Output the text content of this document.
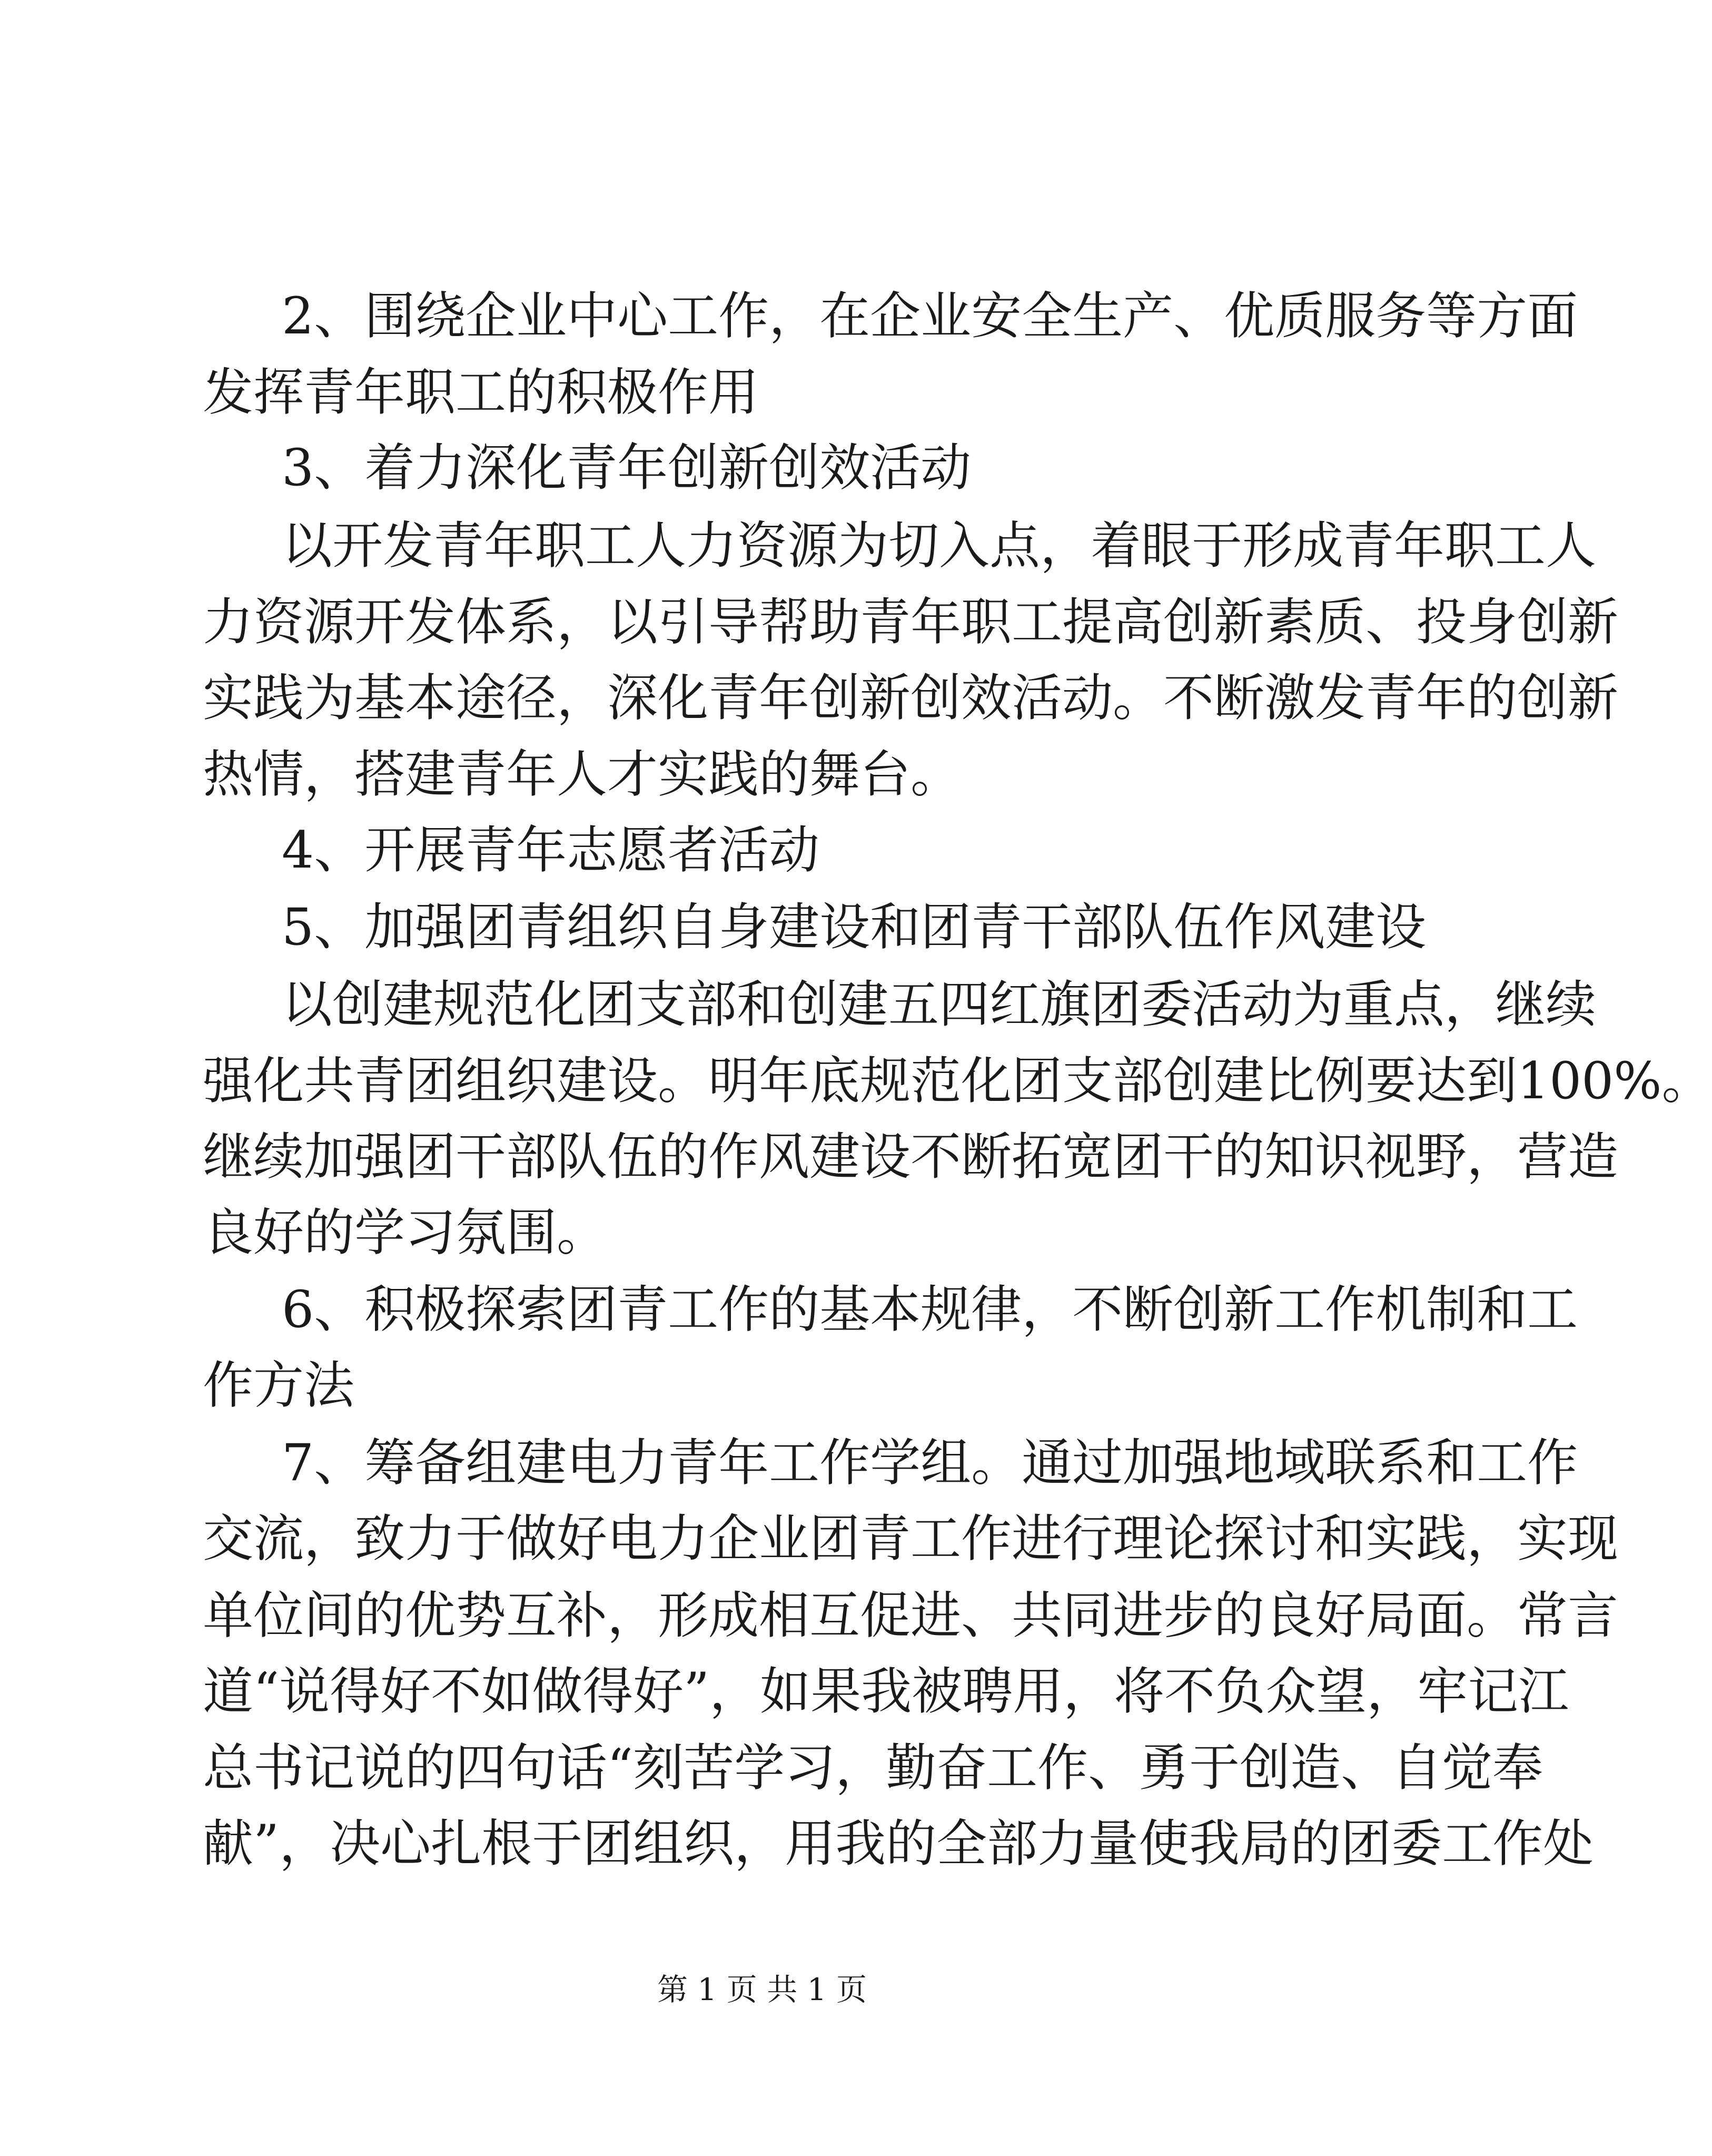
2、围绕企业中心工作，在企业安全生产、优质服务等方面
发挥青年职工的积极作用
3、着力深化青年创新创效活动
以开发青年职工人力资源为切入点，着眼于形成青年职工人
力资源开发体系，以引导帮助青年职工提高创新素质、投身创新
实践为基本途径，深化青年创新创效活动。不断激发青年的创新
热情，搭建青年人才实践的舞台。
4、开展青年志愿者活动
5、加强团青组织自身建设和团青干部队伍作风建设
以创建规范化团支部和创建五四红旗团委活动为重点，继续
强化共青团组织建设。明年底规范化团支部创建比例要达到100%。
继续加强团干部队伍的作风建设不断拓宽团干的知识视野，营造
良好的学习氛围。
6、积极探索团青工作的基本规律，不断创新工作机制和工
作方法
7、筹备组建电力青年工作学组。通过加强地域联系和工作
交流，致力于做好电力企业团青工作进行理论探讨和实践，实现
单位间的优势互补，形成相互促进、共同进步的良好局面。常言
道“说得好不如做得好”，如果我被聘用，将不负众望，牢记江
总书记说的四句话“刻苦学习，勤奋工作、勇于创造、自觉奉
献”，决心扎根于团组织，用我的全部力量使我局的团委工作处
第 1 页 共 1 页
